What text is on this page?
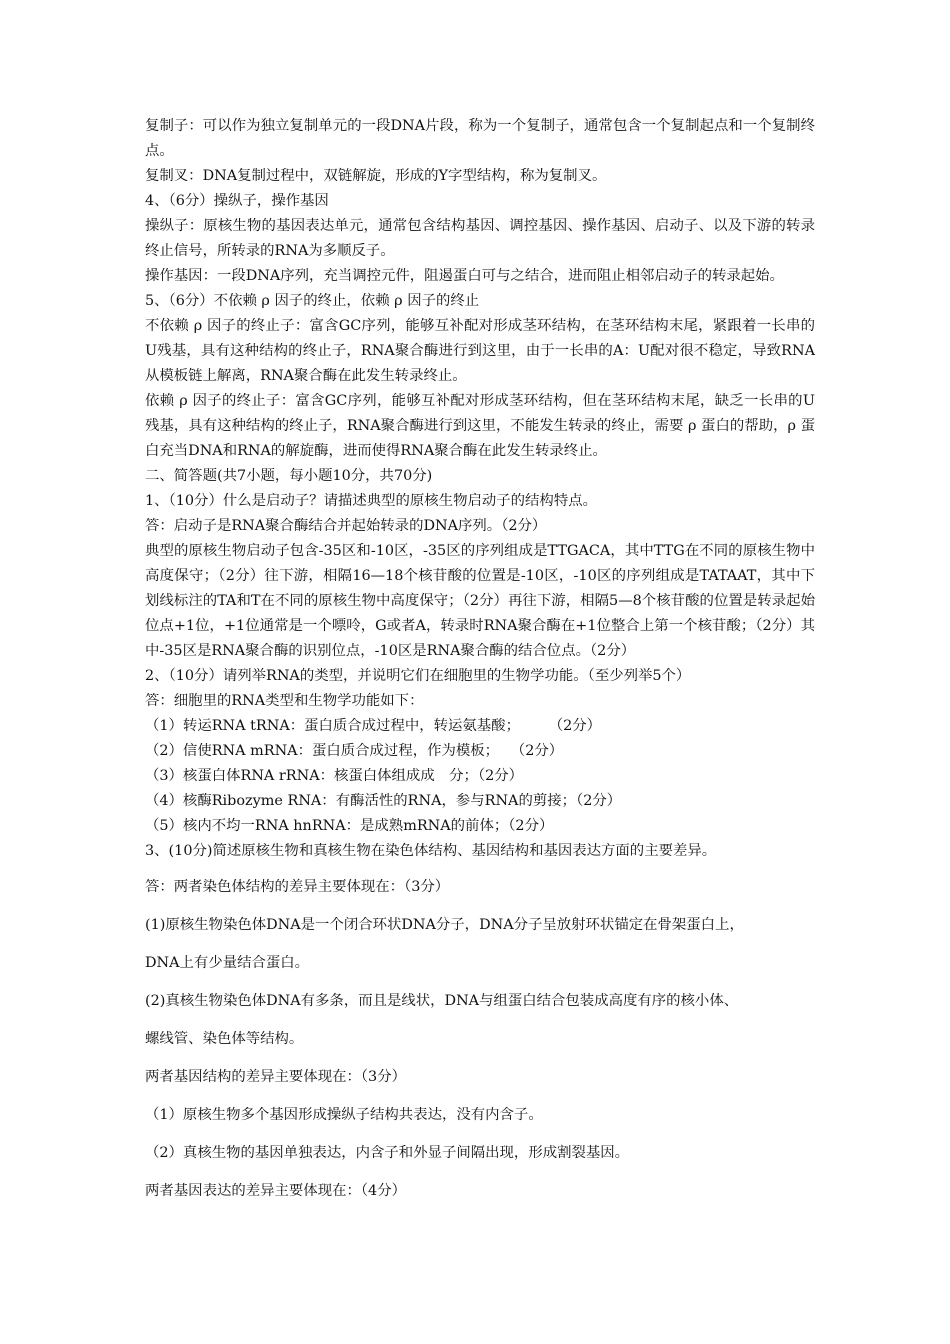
复制子：可以作为独立复制单元的一段DNA片段，称为一个复制子，通常包含一个复制起点和一个复制终点。

复制叉：DNA复制过程中，双链解旋，形成的Y字型结构，称为复制叉。

4、（6分）操纵子，操作基因

操纵子：原核生物的基因表达单元，通常包含结构基因、调控基因、操作基因、启动子、以及下游的转录终止信号，所转录的RNA为多顺反子。

操作基因：一段DNA序列，充当调控元件，阻遏蛋白可与之结合，进而阻止相邻启动子的转录起始。

5、（6分）不依赖 ρ 因子的终止，依赖 ρ 因子的终止

不依赖 ρ 因子的终止子：富含GC序列，能够互补配对形成茎环结构，在茎环结构末尾，紧跟着一长串的U残基，具有这种结构的终止子，RNA聚合酶进行到这里，由于一长串的A：U配对很不稳定，导致RNA从模板链上解离，RNA聚合酶在此发生转录终止。

依赖 ρ 因子的终止子：富含GC序列，能够互补配对形成茎环结构，但在茎环结构末尾，缺乏一长串的U残基，具有这种结构的终止子，RNA聚合酶进行到这里，不能发生转录的终止，需要 ρ 蛋白的帮助，ρ 蛋白充当DNA和RNA的解旋酶，进而使得RNA聚合酶在此发生转录终止。

二、简答题(共7小题，每小题10分，共70分)

1、（10分）什么是启动子？请描述典型的原核生物启动子的结构特点。

答：启动子是RNA聚合酶结合并起始转录的DNA序列。（2分）

典型的原核生物启动子包含-35区和-10区，-35区的序列组成是TTGACA，其中TTG在不同的原核生物中高度保守；（2分）往下游，相隔16—18个核苷酸的位置是-10区，-10区的序列组成是TATAAT，其中下划线标注的TA和T在不同的原核生物中高度保守；（2分）再往下游，相隔5—8个核苷酸的位置是转录起始位点+1位，+1位通常是一个嘌呤，G或者A，转录时RNA聚合酶在+1位整合上第一个核苷酸；（2分）其中-35区是RNA聚合酶的识别位点，-10区是RNA聚合酶的结合位点。（2分）

2、（10分）请列举RNA的类型，并说明它们在细胞里的生物学功能。（至少列举5个）

答：细胞里的RNA类型和生物学功能如下：

（1）转运RNA tRNA：蛋白质合成过程中，转运氨基酸；　　　（2分）

（2）信使RNA mRNA：蛋白质合成过程，作为模板；　 （2分）

（3）核蛋白体RNA rRNA：核蛋白体组成成　分；（2分）

（4）核酶Ribozyme RNA：有酶活性的RNA，参与RNA的剪接；（2分）

（5）核内不均一RNA hnRNA：是成熟mRNA的前体；（2分）

3、(10分)简述原核生物和真核生物在染色体结构、基因结构和基因表达方面的主要差异。

答：两者染色体结构的差异主要体现在：（3分）

(1)原核生物染色体DNA是一个闭合环状DNA分子，DNA分子呈放射环状锚定在骨架蛋白上，

DNA上有少量结合蛋白。

(2)真核生物染色体DNA有多条，而且是线状，DNA与组蛋白结合包装成高度有序的核小体、

螺线管、染色体等结构。

两者基因结构的差异主要体现在：（3分）

（1）原核生物多个基因形成操纵子结构共表达，没有内含子。

（2）真核生物的基因单独表达，内含子和外显子间隔出现，形成割裂基因。

两者基因表达的差异主要体现在：（4分）
